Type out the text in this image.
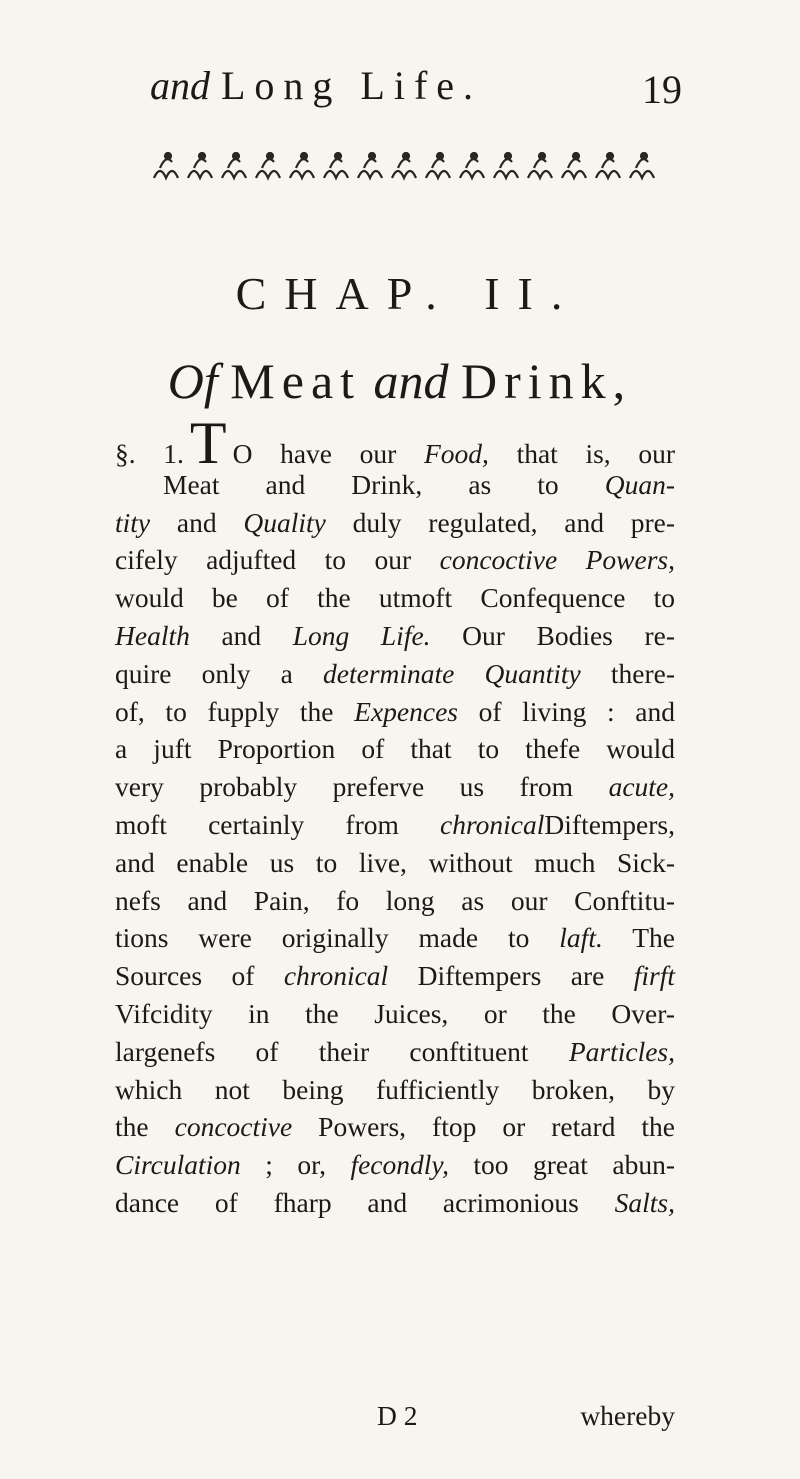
and Long Life.	19
CHAP. II.
Of Meat and Drink,
§. 1. T O have our Food, that is, our
Meat and Drink, as to Quan-
tity and Quality duly regulated, and pre-
cifely adjufted to our concoctive Powers,
would be of the utmoft Confequence to
Health and Long Life. Our Bodies re-
quire only a determinate Quantity there-
of, to fupply the Expences of living : and
a juft Proportion of that to thefe would
very probably preferve us from acute,
moft certainly from chronicalDiftempers,
and enable us to live, without much Sick-
nefs and Pain, fo long as our Conftitu-
tions were originally made to laft. The
Sources of chronical Diftempers are firft
Vifcidity in the Juices, or the Over-
largenefs of their conftituent Particles,
which not being fufficiently broken, by
the concoctive Powers, ftop or retard the
Circulation ; or, fecondly, too great abun-
dance of fharp and acrimonious Salts,
D 2	whereby
